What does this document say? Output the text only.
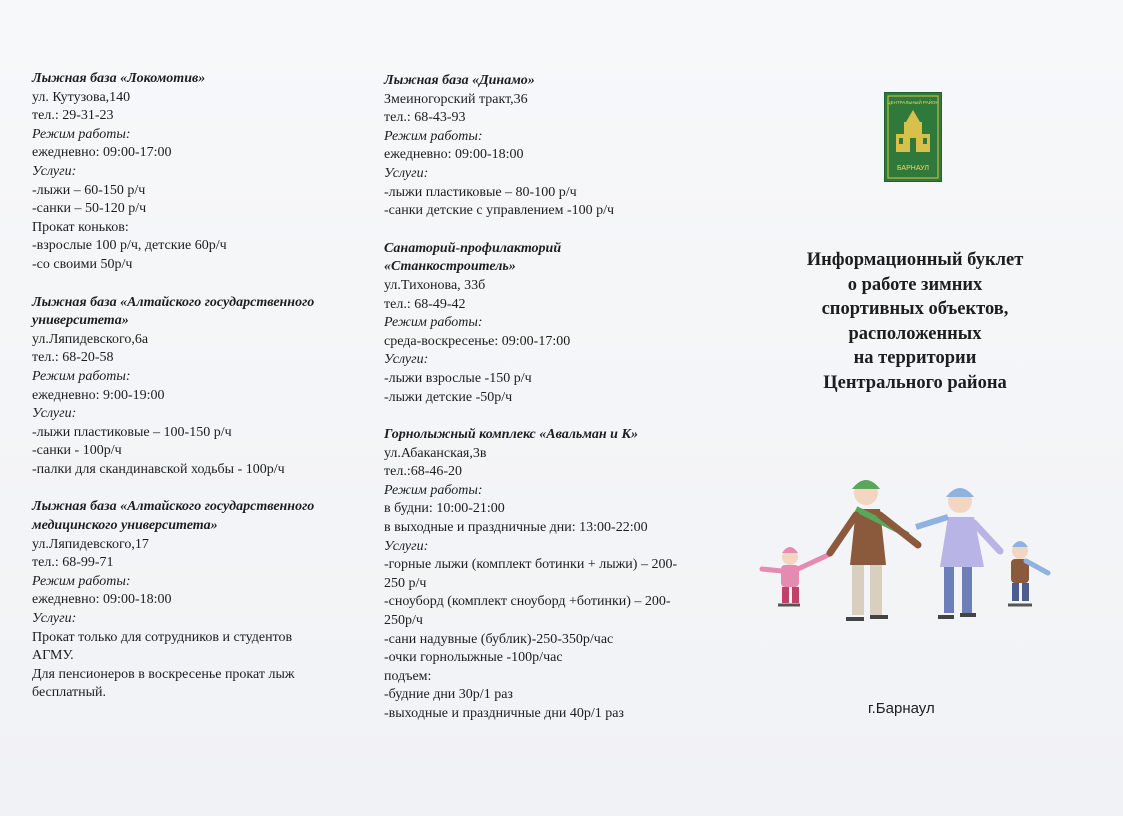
Лыжная база «Локомотив»
ул. Кутузова,140
тел.: 29-31-23
Режим работы:
ежедневно: 09:00-17:00
Услуги:
-лыжи – 60-150 р/ч
-санки – 50-120 р/ч
Прокат коньков:
-взрослые 100 р/ч, детские 60р/ч
-со своими 50р/ч
Лыжная база «Алтайского государственного
университета»
ул.Ляпидевского,6а
тел.: 68-20-58
Режим работы:
ежедневно: 9:00-19:00
Услуги:
-лыжи пластиковые – 100-150 р/ч
-санки - 100р/ч
-палки для скандинавской ходьбы - 100р/ч
Лыжная база «Алтайского государственного
медицинского университета»
ул.Ляпидевского,17
тел.: 68-99-71
Режим работы:
ежедневно: 09:00-18:00
Услуги:
Прокат только для сотрудников и студентов
АГМУ.
Для пенсионеров в воскресенье прокат лыж
бесплатный.
Лыжная база «Динамо»
Змеиногорский тракт,36
тел.: 68-43-93
Режим работы:
ежедневно: 09:00-18:00
Услуги:
-лыжи пластиковые – 80-100 р/ч
-санки детские с управлением -100 р/ч
Санаторий-профилакторий
«Станкостроитель»
ул.Тихонова, 33б
тел.: 68-49-42
Режим работы:
среда-воскресенье: 09:00-17:00
Услуги:
-лыжи взрослые -150 р/ч
-лыжи детские -50р/ч
Горнолыжный комплекс «Авальман и К»
ул.Абаканская,3в
тел.:68-46-20
Режим работы:
в будни: 10:00-21:00
в выходные и праздничные дни: 13:00-22:00
Услуги:
-горные лыжи (комплект ботинки + лыжи) – 200-
250 р/ч
-сноуборд (комплект сноуборд +ботинки) – 200-
250р/ч
-сани надувные (бублик)-250-350р/час
-очки горнолыжные -100р/час
подъем:
-будние дни 30р/1 раз
-выходные и праздничные дни 40р/1 раз
ЦЕНТРАЛЬНЫЙ РАЙОН
БАРНАУЛ
Информационный буклет
о работе зимних
спортивных объектов,
расположенных
на территории
Центрального района
г.Барнаул
